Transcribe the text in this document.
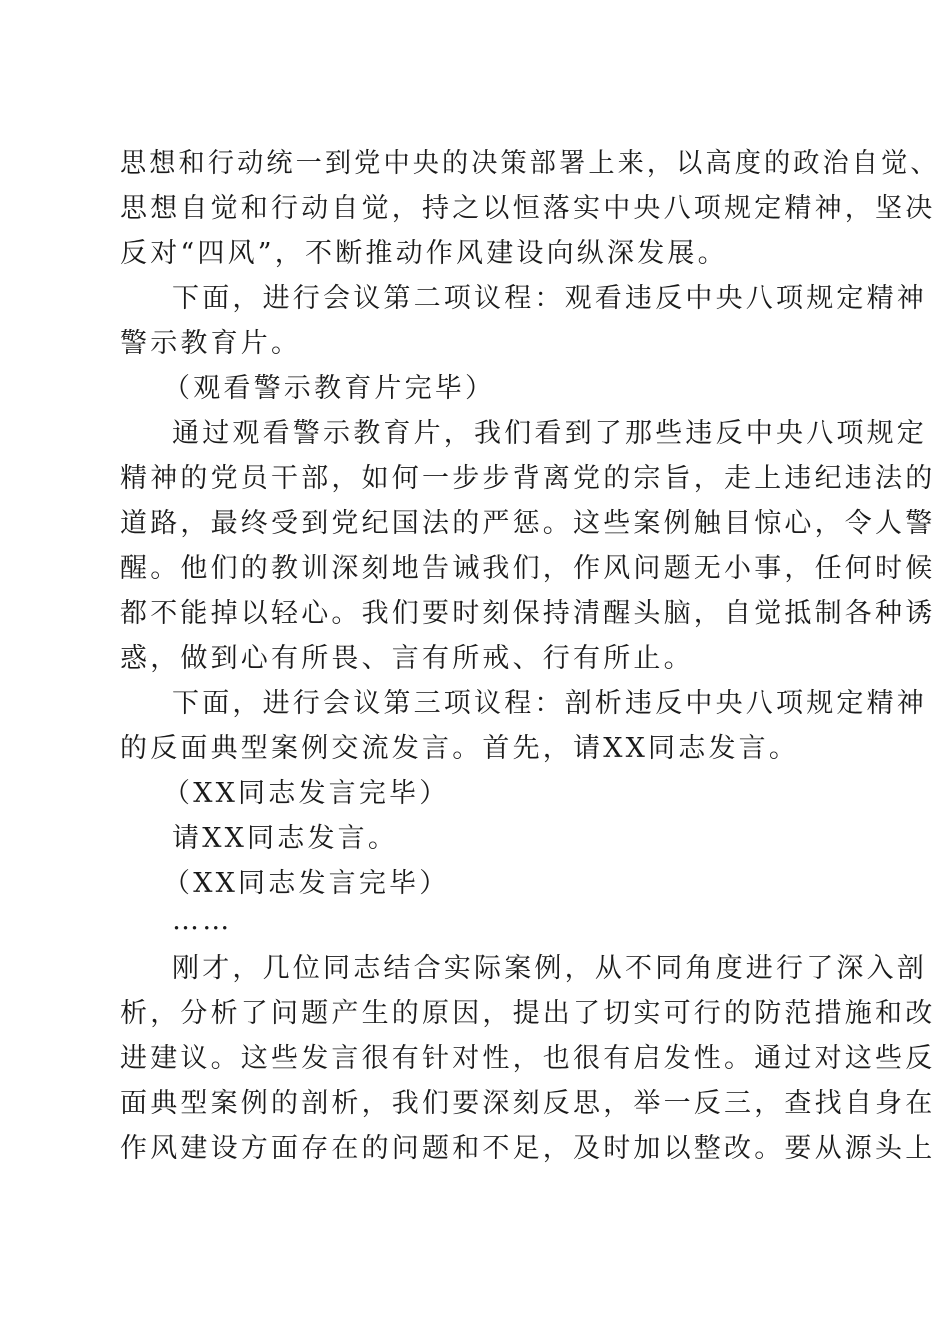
思想和行动统一到党中央的决策部署上来，以高度的政治自觉、
思想自觉和行动自觉，持之以恒落实中央八项规定精神，坚决
反对“四风”，不断推动作风建设向纵深发展。
下面，进行会议第二项议程：观看违反中央八项规定精神
警示教育片。
（观看警示教育片完毕）
通过观看警示教育片，我们看到了那些违反中央八项规定
精神的党员干部，如何一步步背离党的宗旨，走上违纪违法的
道路，最终受到党纪国法的严惩。这些案例触目惊心，令人警
醒。他们的教训深刻地告诫我们，作风问题无小事，任何时候
都不能掉以轻心。我们要时刻保持清醒头脑，自觉抵制各种诱
惑，做到心有所畏、言有所戒、行有所止。
下面，进行会议第三项议程：剖析违反中央八项规定精神
的反面典型案例交流发言。首先，请XX同志发言。
（XX同志发言完毕）
请XX同志发言。
（XX同志发言完毕）
……
刚才，几位同志结合实际案例，从不同角度进行了深入剖
析，分析了问题产生的原因，提出了切实可行的防范措施和改
进建议。这些发言很有针对性，也很有启发性。通过对这些反
面典型案例的剖析，我们要深刻反思，举一反三，查找自身在
作风建设方面存在的问题和不足，及时加以整改。要从源头上
